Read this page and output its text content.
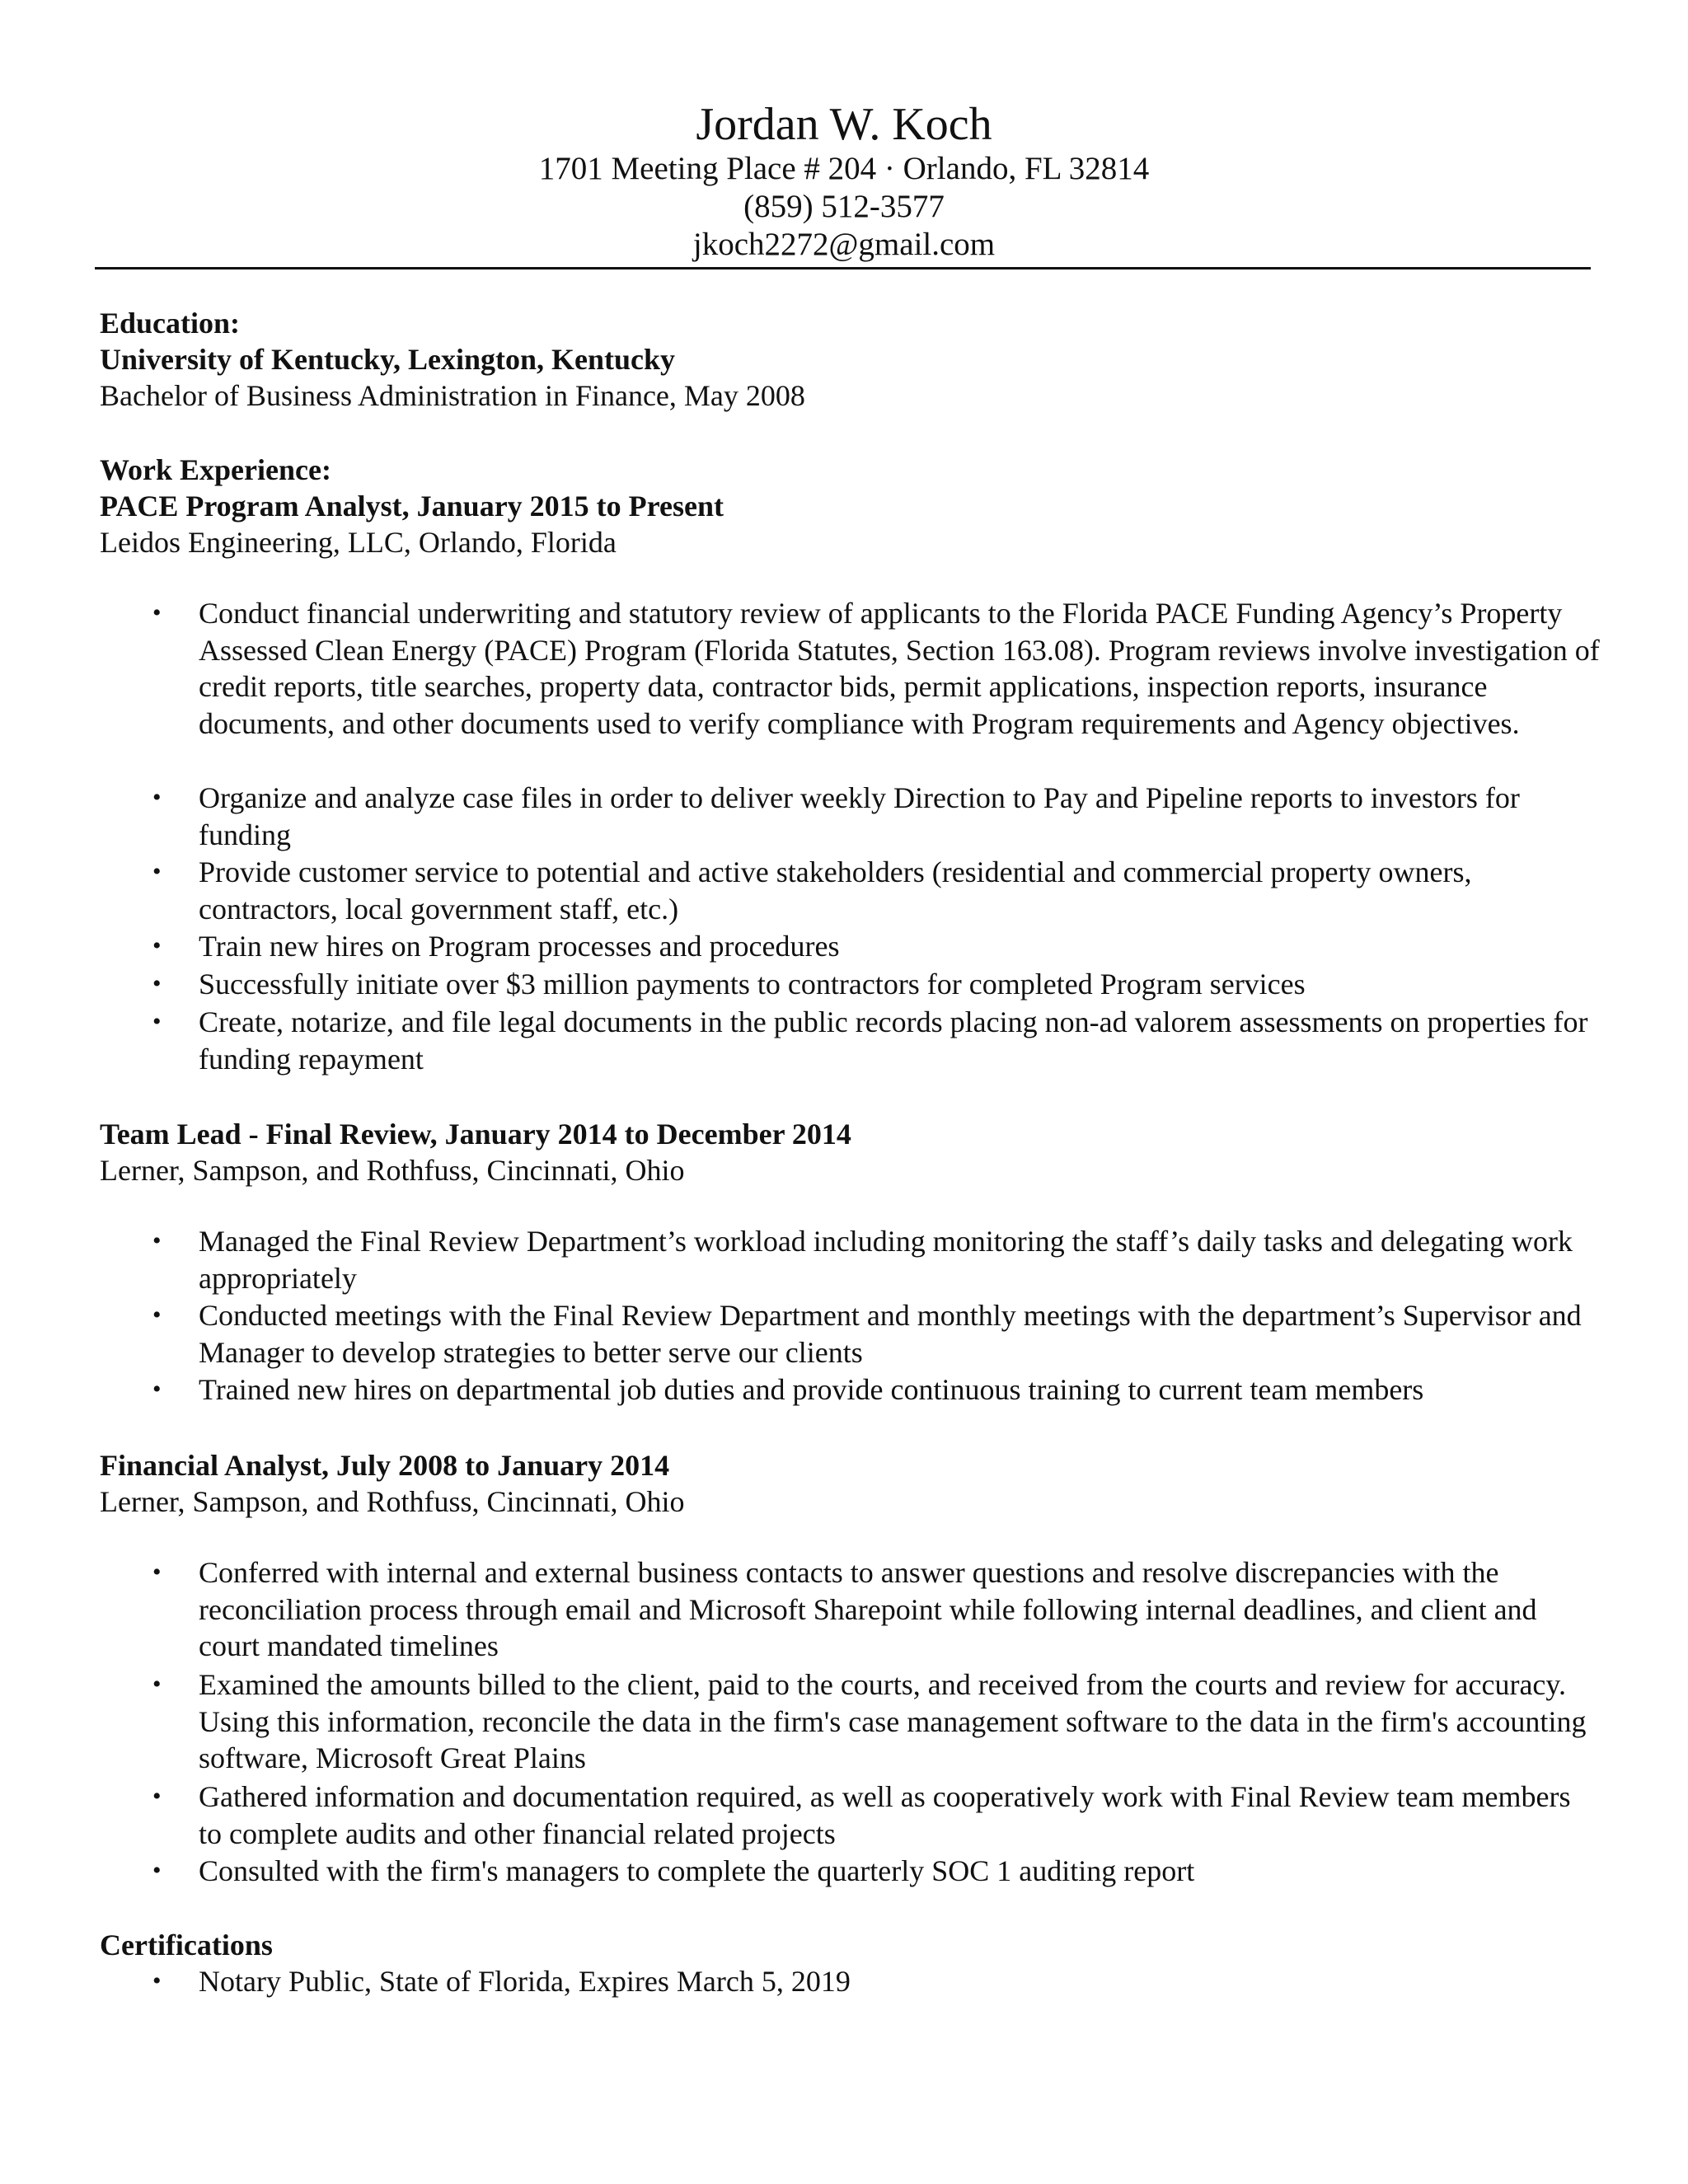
Jordan W. Koch
1701 Meeting Place # 204 · Orlando, FL 32814
(859) 512-3577
jkoch2272@gmail.com
Education:
University of Kentucky, Lexington, Kentucky
Bachelor of Business Administration in Finance, May 2008
Work Experience:
PACE Program Analyst, January 2015 to Present
Leidos Engineering, LLC, Orlando, Florida
• Conduct financial underwriting and statutory review of applicants to the Florida PACE Funding Agency’s Property Assessed Clean Energy (PACE) Program (Florida Statutes, Section 163.08). Program reviews involve investigation of credit reports, title searches, property data, contractor bids, permit applications, inspection reports, insurance documents, and other documents used to verify compliance with Program requirements and Agency objectives.
• Organize and analyze case files in order to deliver weekly Direction to Pay and Pipeline reports to investors for funding
• Provide customer service to potential and active stakeholders (residential and commercial property owners, contractors, local government staff, etc.)
• Train new hires on Program processes and procedures
• Successfully initiate over $3 million payments to contractors for completed Program services
• Create, notarize, and file legal documents in the public records placing non-ad valorem assessments on properties for funding repayment
Team Lead - Final Review, January 2014 to December 2014
Lerner, Sampson, and Rothfuss, Cincinnati, Ohio
• Managed the Final Review Department’s workload including monitoring the staff’s daily tasks and delegating work appropriately
• Conducted meetings with the Final Review Department and monthly meetings with the department’s Supervisor and Manager to develop strategies to better serve our clients
• Trained new hires on departmental job duties and provide continuous training to current team members
Financial Analyst, July 2008 to January 2014
Lerner, Sampson, and Rothfuss, Cincinnati, Ohio
• Conferred with internal and external business contacts to answer questions and resolve discrepancies with the reconciliation process through email and Microsoft Sharepoint while following internal deadlines, and client and court mandated timelines
• Examined the amounts billed to the client, paid to the courts, and received from the courts and review for accuracy. Using this information, reconcile the data in the firm's case management software to the data in the firm's accounting software, Microsoft Great Plains
• Gathered information and documentation required, as well as cooperatively work with Final Review team members to complete audits and other financial related projects
• Consulted with the firm's managers to complete the quarterly SOC 1 auditing report
Certifications
• Notary Public, State of Florida, Expires March 5, 2019
